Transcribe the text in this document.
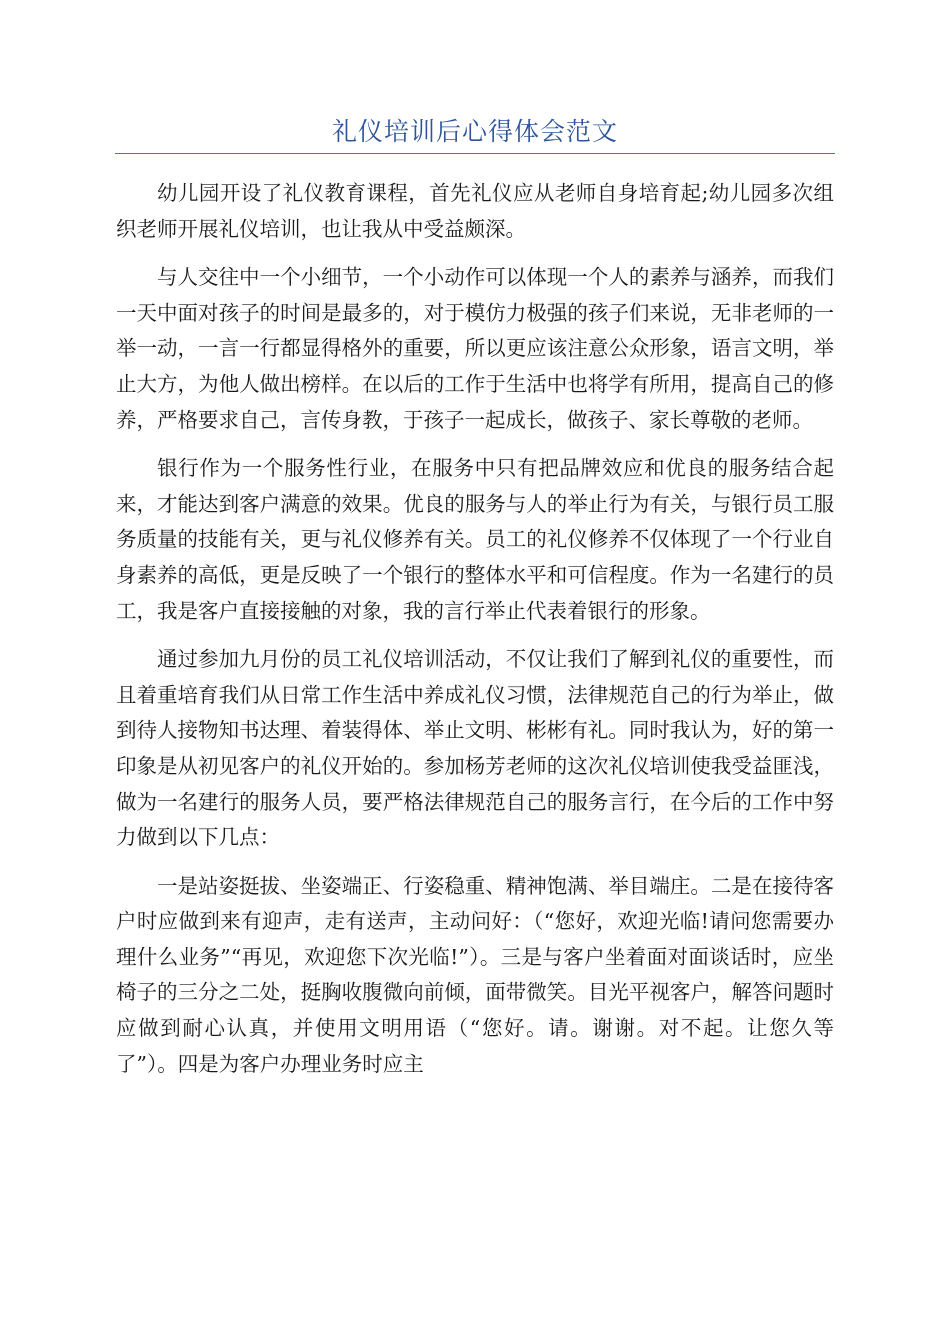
礼仪培训后心得体会范文

幼儿园开设了礼仪教育课程，首先礼仪应从老师自身培育起;幼儿园多次组织老师开展礼仪培训，也让我从中受益颇深。

与人交往中一个小细节，一个小动作可以体现一个人的素养与涵养，而我们一天中面对孩子的时间是最多的，对于模仿力极强的孩子们来说，无非老师的一举一动，一言一行都显得格外的重要，所以更应该注意公众形象，语言文明，举止大方，为他人做出榜样。在以后的工作于生活中也将学有所用，提高自己的修养，严格要求自己，言传身教，于孩子一起成长，做孩子、家长尊敬的老师。

银行作为一个服务性行业，在服务中只有把品牌效应和优良的服务结合起来，才能达到客户满意的效果。优良的服务与人的举止行为有关，与银行员工服务质量的技能有关，更与礼仪修养有关。员工的礼仪修养不仅体现了一个行业自身素养的高低，更是反映了一个银行的整体水平和可信程度。作为一名建行的员工，我是客户直接接触的对象，我的言行举止代表着银行的形象。

通过参加九月份的员工礼仪培训活动，不仅让我们了解到礼仪的重要性，而且着重培育我们从日常工作生活中养成礼仪习惯，法律规范自己的行为举止，做到待人接物知书达理、着装得体、举止文明、彬彬有礼。同时我认为，好的第一印象是从初见客户的礼仪开始的。参加杨芳老师的这次礼仪培训使我受益匪浅，做为一名建行的服务人员，要严格法律规范自己的服务言行，在今后的工作中努力做到以下几点：

一是站姿挺拔、坐姿端正、行姿稳重、精神饱满、举目端庄。二是在接待客户时应做到来有迎声，走有送声，主动问好：（“您好，欢迎光临!请问您需要办理什么业务”“再见，欢迎您下次光临!”）。三是与客户坐着面对面谈话时，应坐椅子的三分之二处，挺胸收腹微向前倾，面带微笑。目光平视客户，解答问题时应做到耐心认真，并使用文明用语（“您好。请。谢谢。对不起。让您久等了”）。四是为客户办理业务时应主
